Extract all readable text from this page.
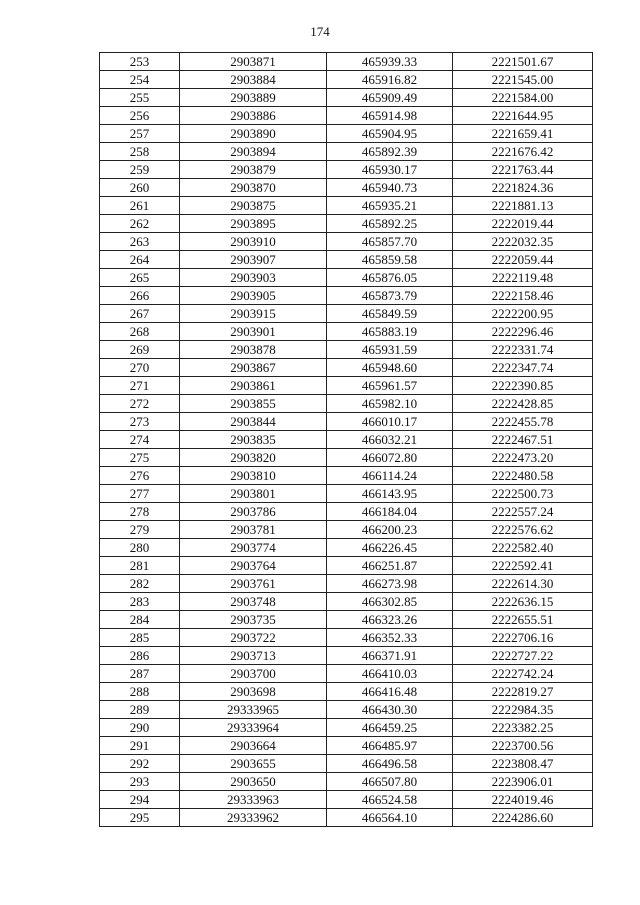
174
253	2903871	465939.33	2221501.67
254	2903884	465916.82	2221545.00
255	2903889	465909.49	2221584.00
256	2903886	465914.98	2221644.95
257	2903890	465904.95	2221659.41
258	2903894	465892.39	2221676.42
259	2903879	465930.17	2221763.44
260	2903870	465940.73	2221824.36
261	2903875	465935.21	2221881.13
262	2903895	465892.25	2222019.44
263	2903910	465857.70	2222032.35
264	2903907	465859.58	2222059.44
265	2903903	465876.05	2222119.48
266	2903905	465873.79	2222158.46
267	2903915	465849.59	2222200.95
268	2903901	465883.19	2222296.46
269	2903878	465931.59	2222331.74
270	2903867	465948.60	2222347.74
271	2903861	465961.57	2222390.85
272	2903855	465982.10	2222428.85
273	2903844	466010.17	2222455.78
274	2903835	466032.21	2222467.51
275	2903820	466072.80	2222473.20
276	2903810	466114.24	2222480.58
277	2903801	466143.95	2222500.73
278	2903786	466184.04	2222557.24
279	2903781	466200.23	2222576.62
280	2903774	466226.45	2222582.40
281	2903764	466251.87	2222592.41
282	2903761	466273.98	2222614.30
283	2903748	466302.85	2222636.15
284	2903735	466323.26	2222655.51
285	2903722	466352.33	2222706.16
286	2903713	466371.91	2222727.22
287	2903700	466410.03	2222742.24
288	2903698	466416.48	2222819.27
289	29333965	466430.30	2222984.35
290	29333964	466459.25	2223382.25
291	2903664	466485.97	2223700.56
292	2903655	466496.58	2223808.47
293	2903650	466507.80	2223906.01
294	29333963	466524.58	2224019.46
295	29333962	466564.10	2224286.60
